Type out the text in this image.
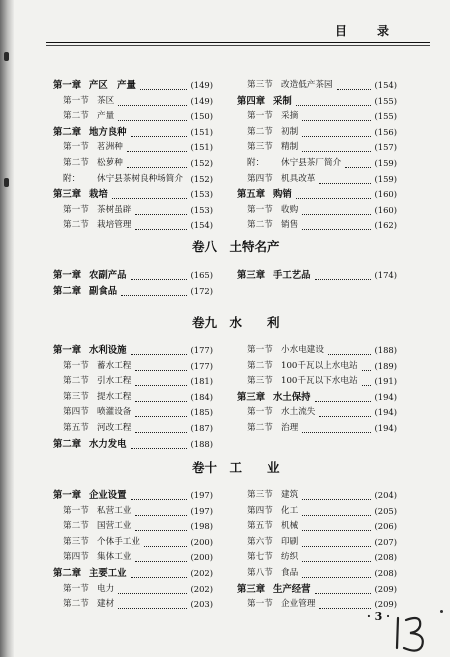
目　录
第一章 产区　产量	(149)
第一节 茶区	(149)
第二节 产量	(150)
第二章 地方良种	(151)
第一节 茗洲种	(151)
第二节 松萝种	(152)
附： 休宁县茶树良种场简介 (152)
第三章 栽培	(153)
第一节 茶树虽辟	(153)
第二节 栽培管理	(154)
第三节 改造低产茶园	(154)
第四章 采制	(155)
第一节 采摘	(155)
第二节 初制	(156)
第三节 精制	(157)
附： 休宁县茶厂简介	(159)
第四节 机具改革	(159)
第五章 购销	(160)
第一节 收购	(160)
第二节 销售	(162)
卷八　土特名产
第一章 农副产品	(165)
第二章 副食品	(172)
第三章 手工艺品	(174)
卷九　水　　利
第一章 水利设施	(177)
第一节 蓄水工程	(177)
第二节 引水工程	(181)
第三节 提水工程	(184)
第四节 喷灌设备	(185)
第五节 河改工程	(187)
第二章 水力发电	(188)
第一节 小水电建设	(188)
第二节 100千瓦以上水电站 (189)
第三节 100千瓦以下水电站 (191)
第三章 水土保持	(194)
第一节 水土流失	(194)
第二节 治理	(194)
卷十　工　　业
第一章 企业设置	(197)
第一节 私营工业	(197)
第二节 国营工业	(198)
第三节 个体手工业	(200)
第四节 集体工业	(200)
第二章 主要工业	(202)
第一节 电力	(202)
第二节 建材	(203)
第三节 建筑	(204)
第四节 化工	(205)
第五节 机械	(206)
第六节 印刷	(207)
第七节 纺织	(208)
第八节 食品	(208)
第三章 生产经营	(209)
第一节 企业管理	(209)
· 3 ·
